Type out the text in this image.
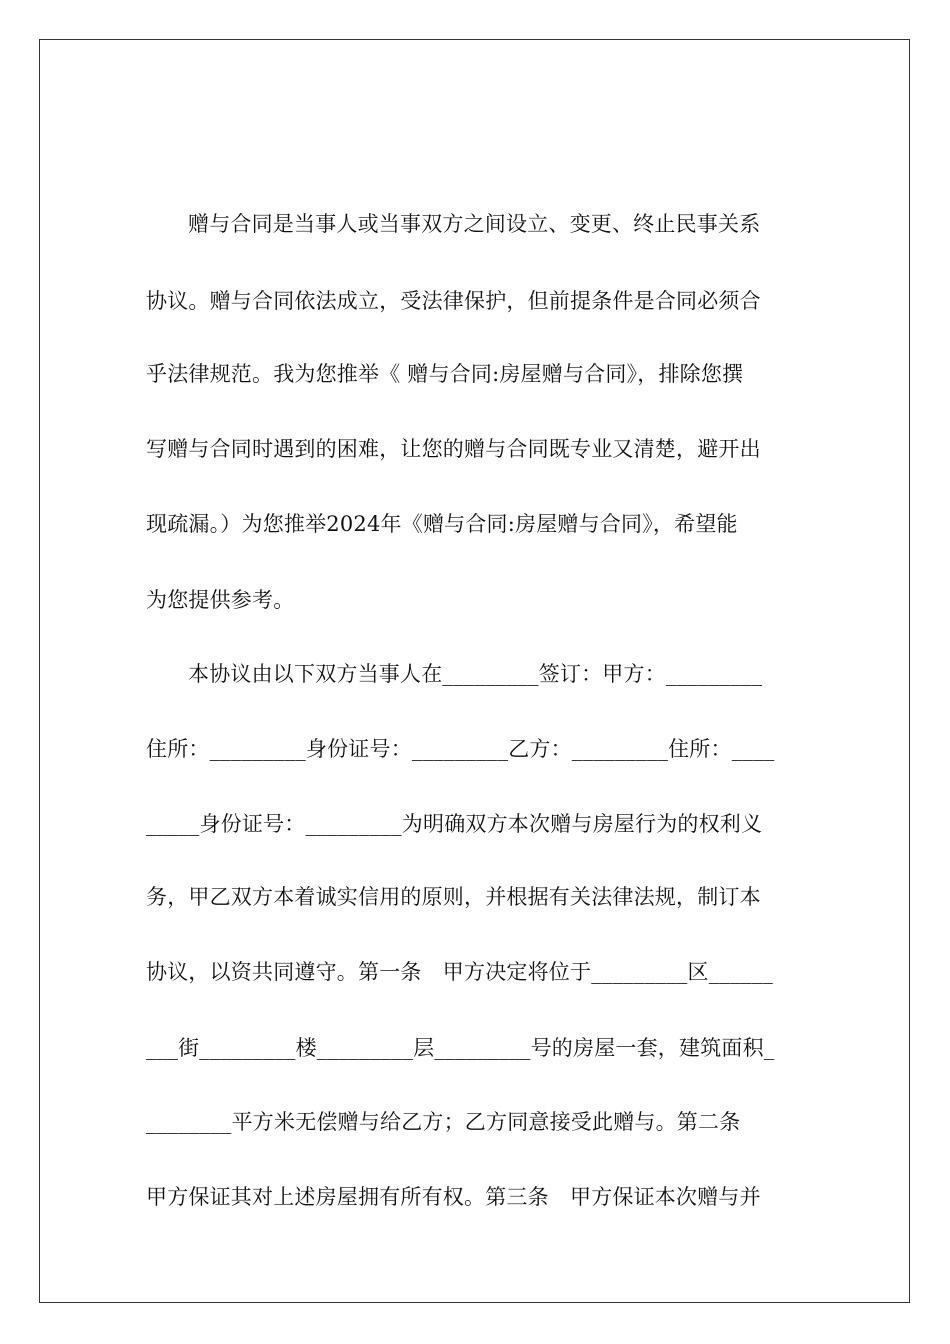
赠与合同是当事人或当事双方之间设立、变更、终止民事关系
协议。赠与合同依法成立，受法律保护，但前提条件是合同必须合
乎法律规范。我为您推举《 赠与合同:房屋赠与合同》，排除您撰
写赠与合同时遇到的困难，让您的赠与合同既专业又清楚，避开出
现疏漏。）为您推举2024年《赠与合同:房屋赠与合同》，希望能
为您提供参考。
本协议由以下双方当事人在_________签订：甲方：_________
住所：_________身份证号：_________乙方：_________住所：____
_____身份证号：_________为明确双方本次赠与房屋行为的权利义
务，甲乙双方本着诚实信用的原则，并根据有关法律法规，制订本
协议，以资共同遵守。第一条　甲方决定将位于_________区______
___街_________楼_________层_________号的房屋一套，建筑面积_
________平方米无偿赠与给乙方；乙方同意接受此赠与。第二条
甲方保证其对上述房屋拥有所有权。第三条　甲方保证本次赠与并
